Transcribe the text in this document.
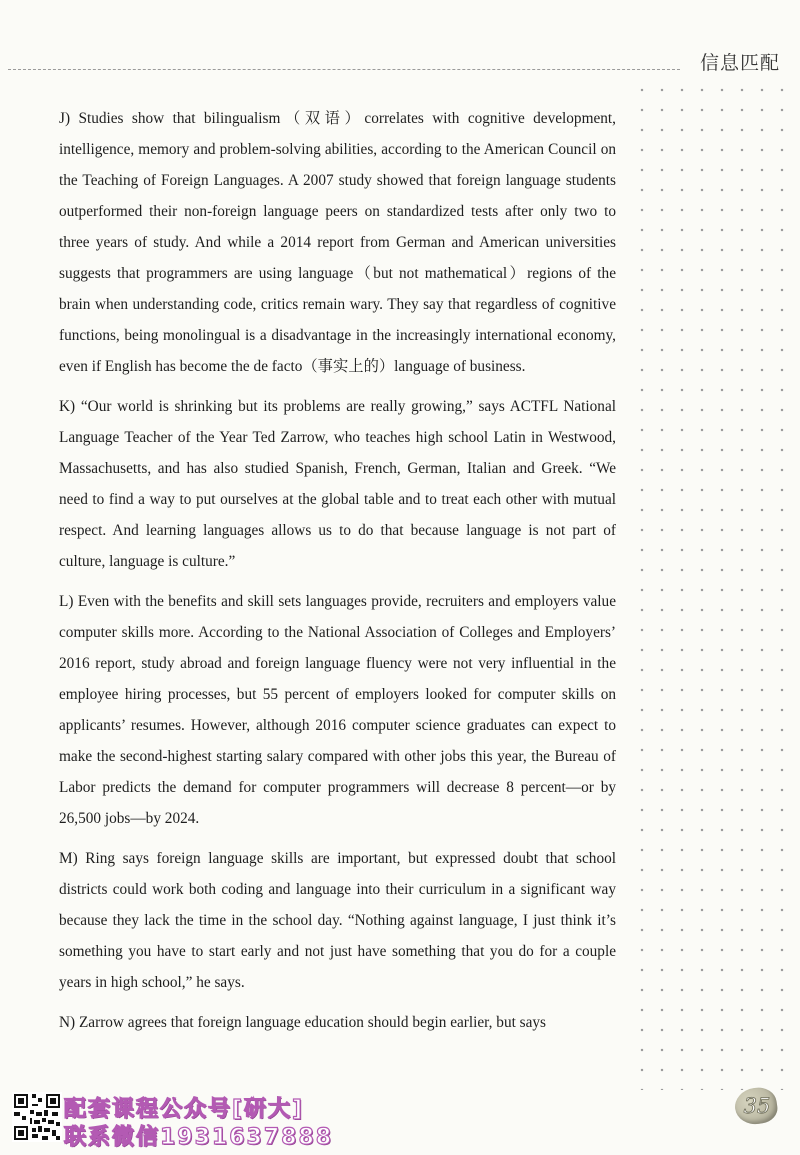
信息匹配

J) Studies show that bilingualism（双语）correlates with cognitive development, intelligence, memory and problem-solving abilities, according to the American Council on the Teaching of Foreign Languages. A 2007 study showed that foreign language students outperformed their non-foreign language peers on standardized tests after only two to three years of study. And while a 2014 report from German and American universities suggests that programmers are using language（but not mathematical）regions of the brain when understanding code, critics remain wary. They say that regardless of cognitive functions, being monolingual is a disadvantage in the increasingly international economy, even if English has become the de facto（事实上的）language of business.

K) “Our world is shrinking but its problems are really growing,” says ACTFL National Language Teacher of the Year Ted Zarrow, who teaches high school Latin in Westwood, Massachusetts, and has also studied Spanish, French, German, Italian and Greek. “We need to find a way to put ourselves at the global table and to treat each other with mutual respect. And learning languages allows us to do that because language is not part of culture, language is culture.”

L) Even with the benefits and skill sets languages provide, recruiters and employers value computer skills more. According to the National Association of Colleges and Employers’ 2016 report, study abroad and foreign language fluency were not very influential in the employee hiring processes, but 55 percent of employers looked for computer skills on applicants’ resumes. However, although 2016 computer science graduates can expect to make the second-highest starting salary compared with other jobs this year, the Bureau of Labor predicts the demand for computer programmers will decrease 8 percent—or by 26,500 jobs—by 2024.

M) Ring says foreign language skills are important, but expressed doubt that school districts could work both coding and language into their curriculum in a significant way because they lack the time in the school day. “Nothing against language, I just think it’s something you have to start early and not just have something that you do for a couple years in high school,” he says.

N) Zarrow agrees that foreign language education should begin earlier, but says

配套课程公众号[研大]
联系微信1931637888
35
